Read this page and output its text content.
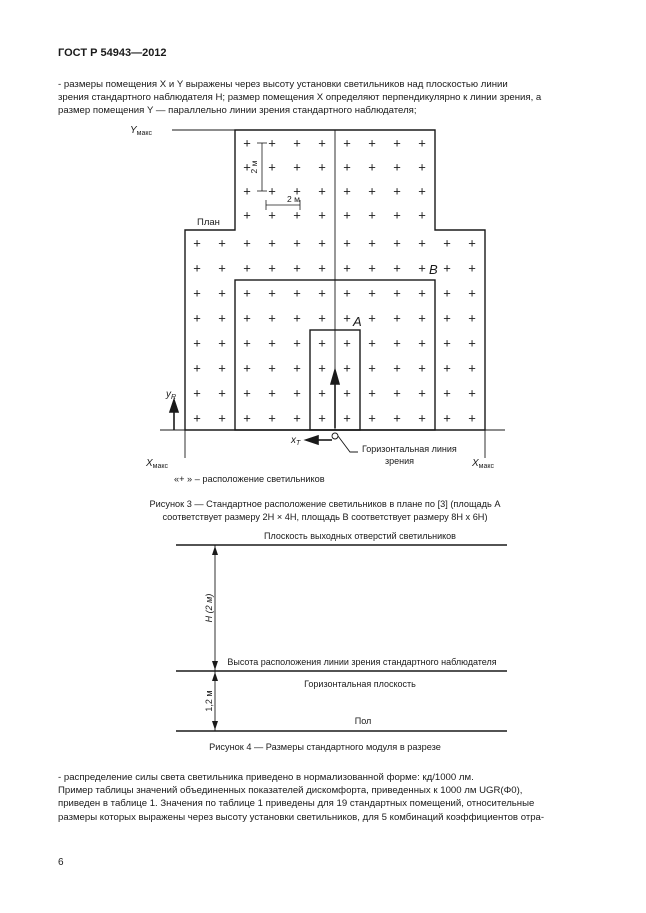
ГОСТ Р 54943—2012

- размеры помещения X и Y выражены через высоту установки светильников над плоскостью линии

зрения стандартного наблюдателя H; размер помещения X определяют перпендикулярно к линии зрения, а

размер помещения Y — параллельно линии зрения стандартного наблюдателя;

+ + + + + + + +
+ + + + + + + +
+ + + + + + + +
+ + + + + + + +
+ + + + + + + + + + + +
+ + + + + + + + + + + +
+ + + + + + + + + + + +
+ + + + + + + + + + + +
+ + + + + + + + + + + +
+ + + + + + + + + + + +
+ + + + + + + + + + + +
+ + + + + + + + + + + +
$Y_{макс}$
План
B
A
$y_R$
$x_T$
$X_{макс}$	$X_{макс}$
Горизонтальная линия
зрения
2 м
2 м
H (2 м)
1,2 м
Плоскость выходных отверстий светильников
Высота расположения линии зрения стандартного наблюдателя
Горизонтальная плоскость
Пол
«+ » – расположение светильников
Рисунок 3 — Стандартное расположение светильников в плане по [3] (площадь A
соответствует размеру 2H × 4H, площадь B соответствует размеру 8H x 6H)
Рисунок 4 — Размеры стандартного модуля в разрезе

- распределение силы света светильника приведено в нормализованной форме: кд/1000 лм.

Пример таблицы значений объединенных показателей дискомфорта, приведенных к 1000 лм UGR(Φ0),

приведен в таблице 1. Значения по таблице 1 приведены для 19 стандартных помещений, относительные

размеры которых выражены через высоту установки светильников, для 5 комбинаций коэффициентов отра-

6
